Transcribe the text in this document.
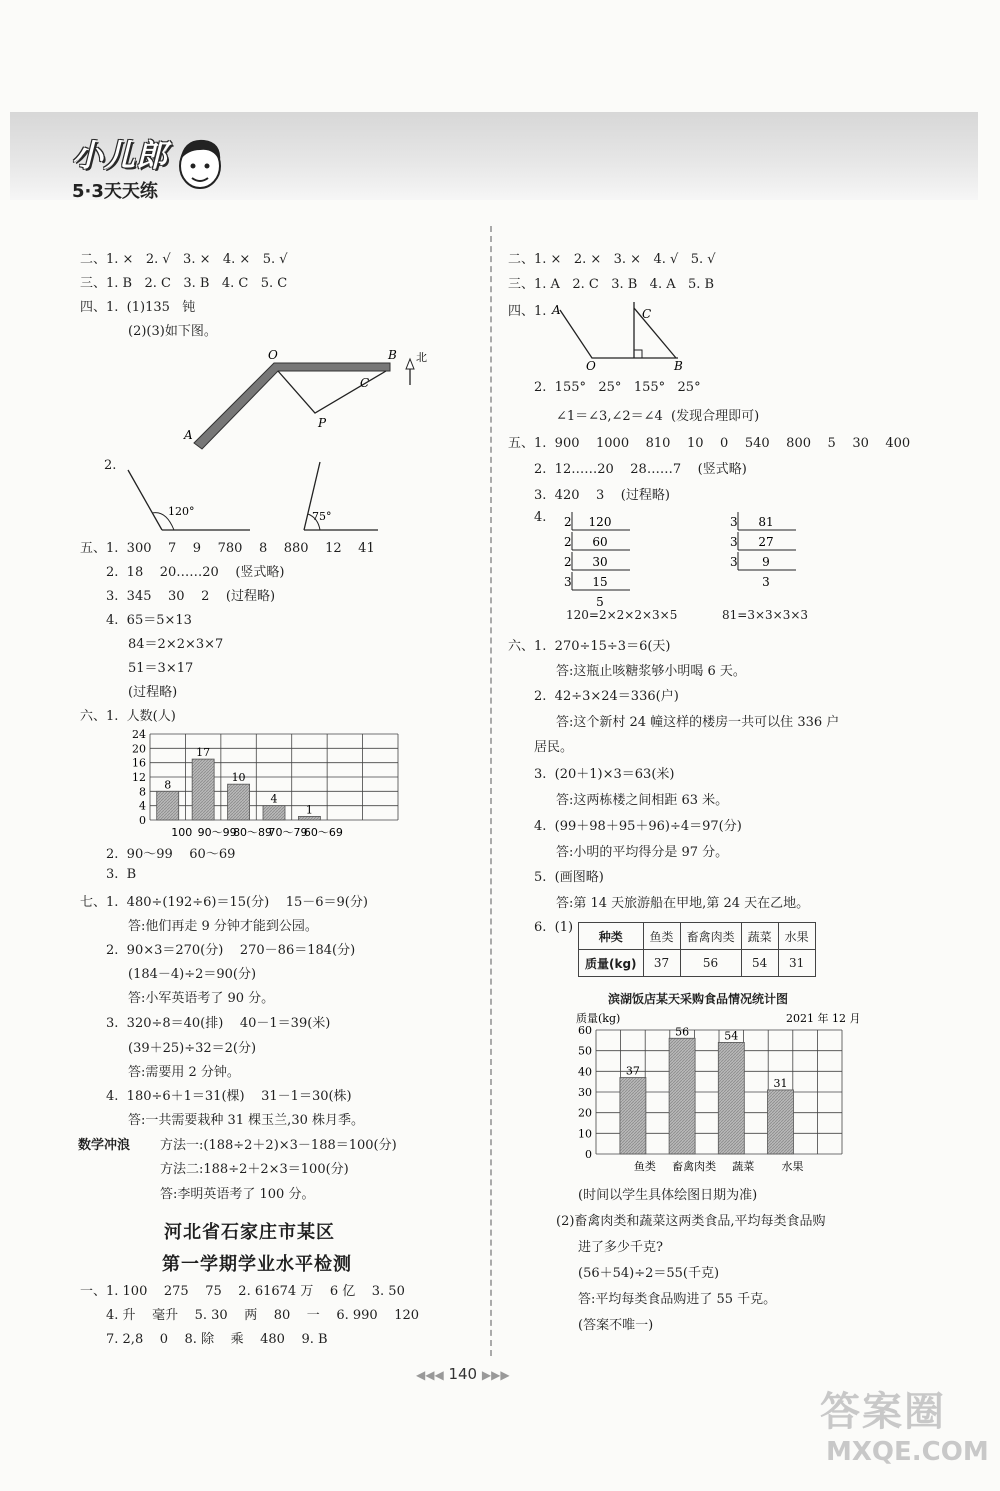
小儿郎
5·3天天练
二、1. ×   2. √   3. ×   4. ×   5. √
三、1. B   2. C   3. B   4. C   5. C
四、1.  (1)135   钝
(2)(3)如下图。
O	B
C
A
P
北
2.
120°	75°
五、1.  300    7    9    780    8    880    12    41
2.  18    20……20    (竖式略)
3.  345    30    2    (过程略)
4.  65＝5×13
84＝2×2×3×7
51＝3×17
(过程略)
六、1.  人数(人)
0
4
8
12
16
20
24
8
100
17
90～99
10
80～89
4
70～79
1
60～69
2.  90～99    60～69
3.  B
七、1.  480÷(192÷6)＝15(分)    15－6＝9(分)
答:他们再走 9 分钟才能到公园。
2.  90×3＝270(分)    270－86＝184(分)
(184－4)÷2＝90(分)
答:小军英语考了 90 分。
3.  320÷8＝40(排)    40－1＝39(米)
(39＋25)÷32＝2(分)
答:需要用 2 分钟。
4.  180÷6＋1＝31(棵)    31－1＝30(株)
答:一共需要栽种 31 棵玉兰,30 株月季。
数学冲浪 方法一:(188÷2＋2)×3－188＝100(分)
方法二:188÷2＋2×3＝100(分)
答:李明英语考了 100 分。
河北省石家庄市某区
第一学期学业水平检测
一、1. 100    275    75    2. 61674 万    6 亿    3. 50
4. 升    毫升    5. 30    两    80    一    6. 990    120
7. 2,8    0    8. 除    乘    480    9. B
二、1. ×   2. ×   3. ×   4. √   5. √
三、1. A   2. C   3. B   4. A   5. B
四、1. A	C
O	B
2.  155°   25°   155°   25°
∠1＝∠3,∠2＝∠4  (发现合理即可)
五、1.  900    1000    810    10    0    540    800    5    30    400
2.  12……20    28……7    (竖式略)
3.  420    3    (过程略)
4. 2 120
2 60
2 30
3 15
5
3 81
3 27
3 9
3
120=2×2×2×3×5	81=3×3×3×3
六、1.  270÷15÷3＝6(天)
答:这瓶止咳糖浆够小明喝 6 天。
2.  42÷3×24＝336(户)
答:这个新村 24 幢这样的楼房一共可以住 336 户
居民。
3.  (20＋1)×3＝63(米)
答:这两栋楼之间相距 63 米。
4.  (99＋98＋95＋96)÷4＝97(分)
答:小明的平均得分是 97 分。
5.  (画图略)
答:第 14 天旅游船在甲地,第 24 天在乙地。
6.  (1)
种类	鱼类	畜禽肉类	蔬菜	水果
质量(kg)	37	56	54	31
滨湖饭店某天采购食品情况统计图
质量(kg)	2021 年 12 月
0
10
20
30
40
50
60
37
鱼类
56
畜禽肉类
54
蔬菜
31
水果
(时间以学生具体绘图日期为准)
(2)畜禽肉类和蔬菜这两类食品,平均每类食品购
进了多少千克?
(56＋54)÷2＝55(千克)
答:平均每类食品购进了 55 千克。
(答案不唯一)
◀◀◀ 140 ▶▶▶
答案圈
MXQE.COM
